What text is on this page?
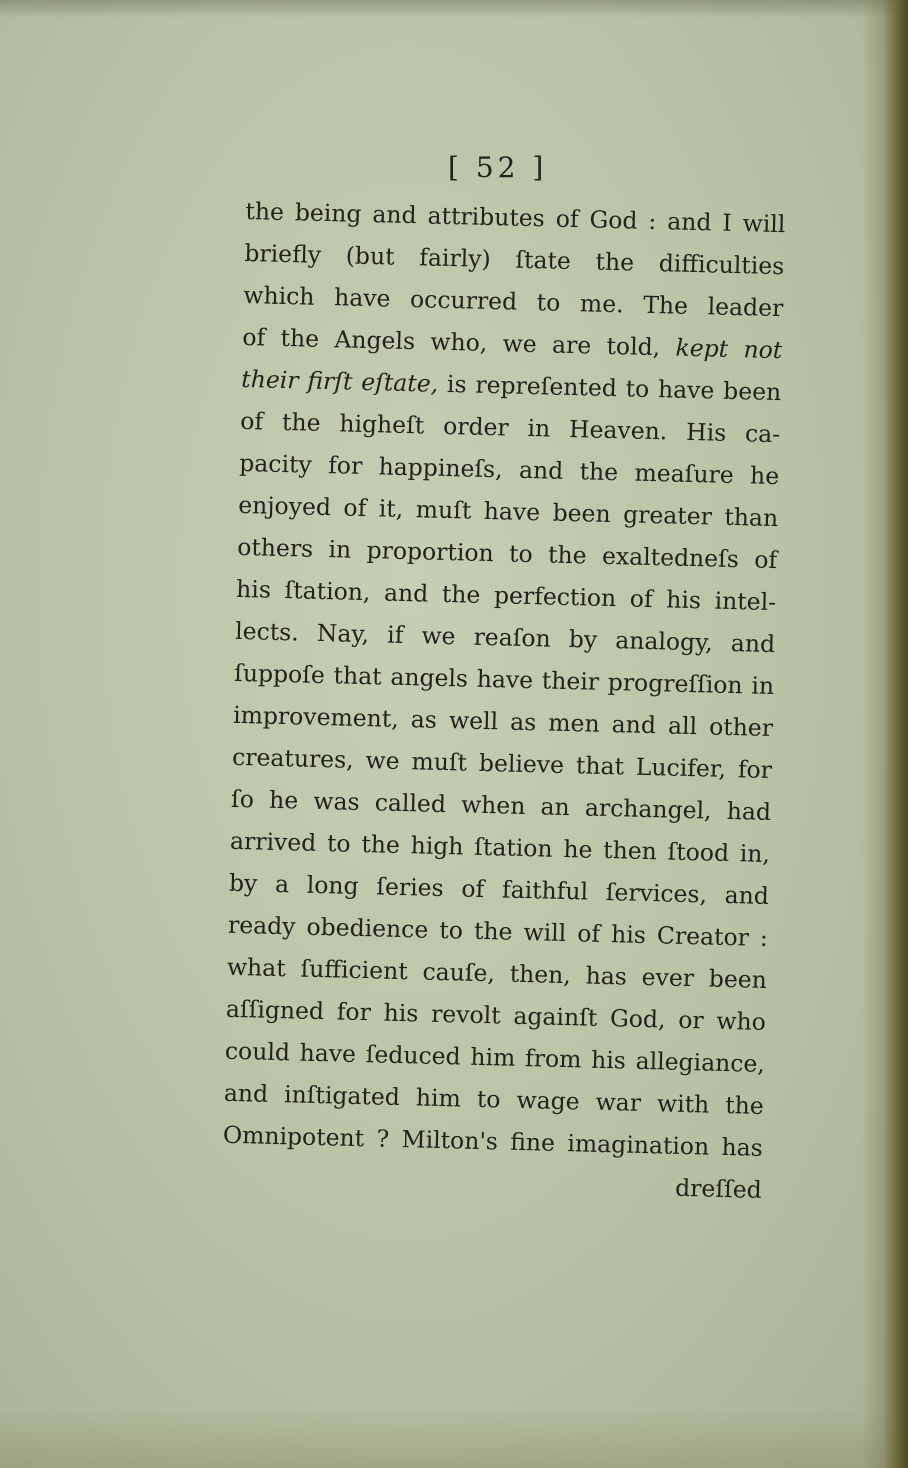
[ 52 ]
the being and attributes of God : and I will
briefly (but fairly) ſtate the difficulties
which have occurred to me. The leader
of the Angels who, we are told, kept not
their firſt eſtate, is repreſented to have been
of the higheſt order in Heaven. His ca-
pacity for happineſs, and the meaſure he
enjoyed of it, muſt have been greater than
others in proportion to the exaltedneſs of
his ſtation, and the perfection of his intel-
lects. Nay, if we reaſon by analogy, and
ſuppoſe that angels have their progreſſion in
improvement, as well as men and all other
creatures, we muſt believe that Lucifer, for
ſo he was called when an archangel, had
arrived to the high ſtation he then ſtood in,
by a long ſeries of faithful ſervices, and
ready obedience to the will of his Creator :
what ſufficient cauſe, then, has ever been
aſſigned for his revolt againſt God, or who
could have ſeduced him from his allegiance,
and inſtigated him to wage war with the
Omnipotent ? Milton's fine imagination has
dreſſed
